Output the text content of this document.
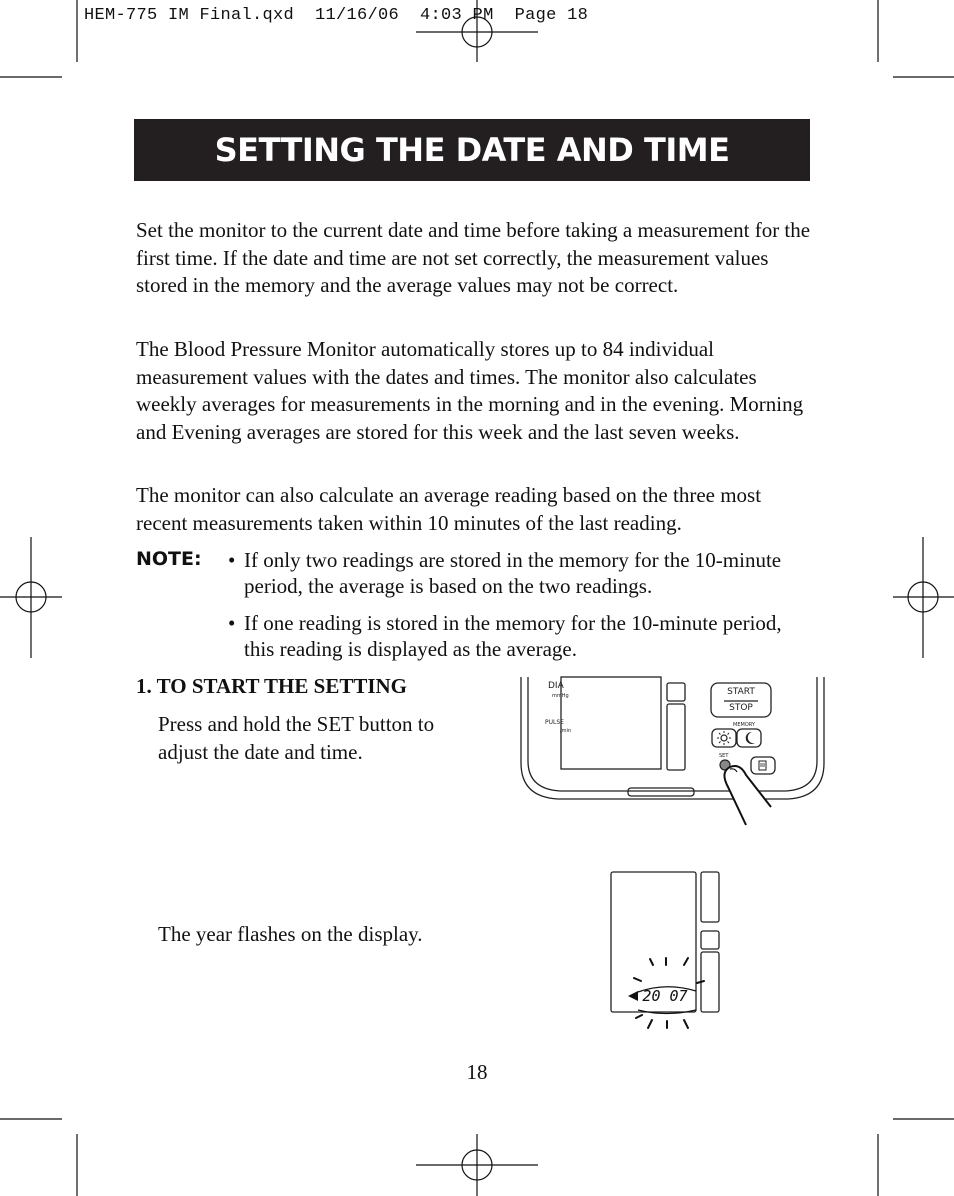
HEM-775 IM Final.qxd  11/16/06  4:03 PM  Page 18
SETTING THE DATE AND TIME

Set the monitor to the current date and time before taking a measurement for the first time. If the date and time are not set correctly, the measurement values stored in the memory and the average values may not be correct.

The Blood Pressure Monitor automatically stores up to 84 individual measurement values with the dates and times. The monitor also calculates weekly averages for measurements in the morning and in the evening. Morning and Evening averages are stored for this week and the last seven weeks.

The monitor can also calculate an average reading based on the three most recent measurements taken within 10 minutes of the last reading.

NOTE: • If only two readings are stored in the memory for the 10-minute period, the average is based on the two readings.
• If one reading is stored in the memory for the 10-minute period, this reading is displayed as the average.
1. TO START THE SETTING
Press and hold the SET button to adjust the date and time.
The year flashes on the display.
DIA
mmHg
PULSE
/min
START
STOP
MEMORY
SET
20 07
18
